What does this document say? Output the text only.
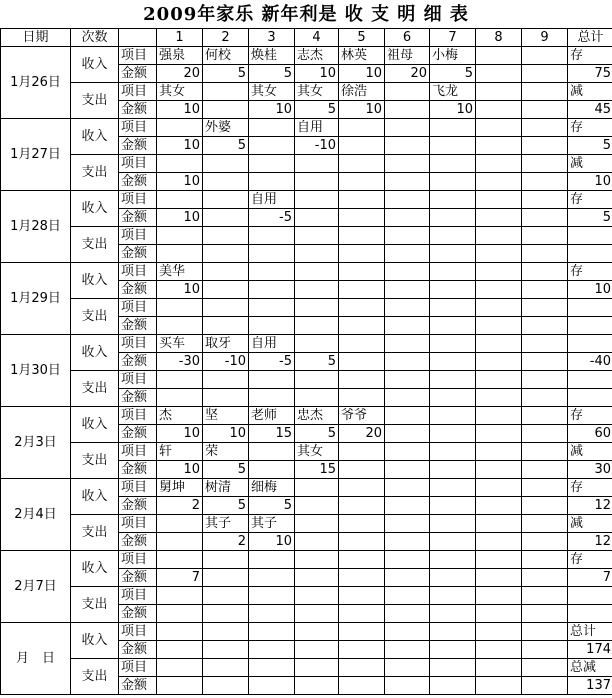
2009年家乐 新年利是 收 支 明 细 表
日期	次数		1	2	3	4	5	6	7	8	9	总计
1月26日	收入	项目	强泉	何校	焕桂	志杰	林英	祖母	小梅			存
		金额	20	5	5	10	10	20	5			75
	支出	项目	其女		其女	其女	徐浩		飞龙			减
		金额	10		10	5	10		10			45
1月27日	收入	项目		外婆		自用						存
		金额	10	5		-10						5
	支出	项目										减
		金额	10									10
1月28日	收入	项目			自用							存
		金额	10		-5							5
	支出	项目										
		金额										
1月29日	收入	项目	美华									存
		金额	10									10
	支出	项目										
		金额										
1月30日	收入	项目	买车	取牙	自用							
		金额	-30	-10	-5	5						-40
	支出	项目										
		金额										
2月3日	收入	项目	杰	坚	老师	忠杰	爷爷					存
		金额	10	10	15	5	20					60
	支出	项目	轩	荣		其女						减
		金额	10	5		15						30
2月4日	收入	项目	舅坤	树清	细梅							存
		金额	2	5	5							12
	支出	项目		其子	其子							减
		金额		2	10							12
2月7日	收入	项目										存
		金额	7									7
	支出	项目										
		金额										
月　日	收入	项目										总计
		金额										174
	支出	项目										总减
		金额										137
